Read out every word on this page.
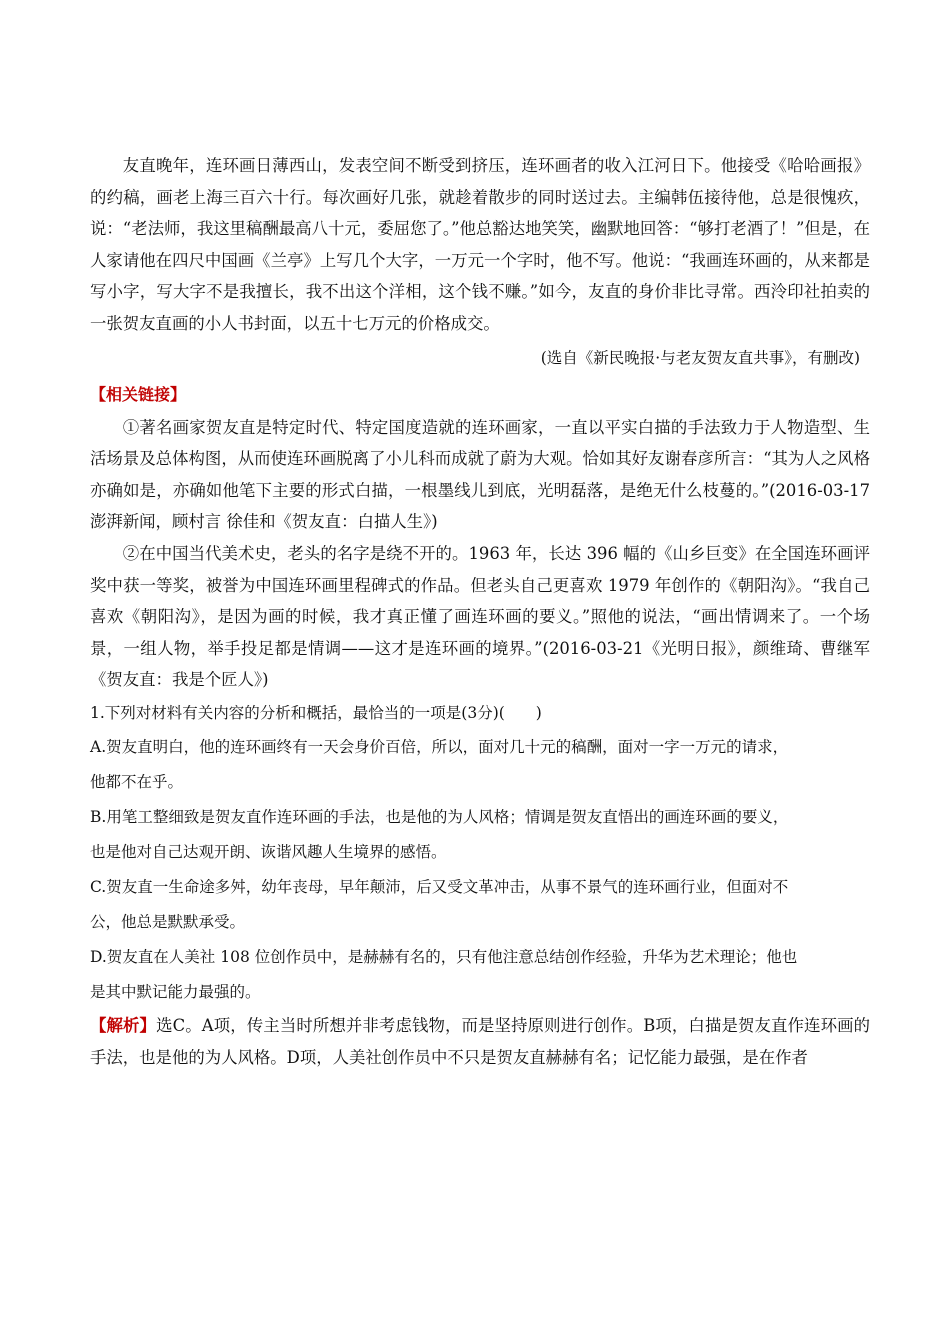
友直晚年，连环画日薄西山，发表空间不断受到挤压，连环画者的收入江河日下。他接受《哈哈画报》的约稿，画老上海三百六十行。每次画好几张，就趁着散步的同时送过去。主编韩伍接待他，总是很愧疚，说：“老法师，我这里稿酬最高八十元，委屈您了。”他总豁达地笑笑，幽默地回答：“够打老酒了！”但是，在人家请他在四尺中国画《兰亭》上写几个大字，一万元一个字时，他不写。他说：“我画连环画的，从来都是写小字，写大字不是我擅长，我不出这个洋相，这个钱不赚。”如今，友直的身价非比寻常。西泠印社拍卖的一张贺友直画的小人书封面，以五十七万元的价格成交。

(选自《新民晚报·与老友贺友直共事》，有删改)

【相关链接】

①著名画家贺友直是特定时代、特定国度造就的连环画家，一直以平实白描的手法致力于人物造型、生活场景及总体构图，从而使连环画脱离了小儿科而成就了蔚为大观。恰如其好友谢春彦所言：“其为人之风格亦确如是，亦确如他笔下主要的形式白描，一根墨线儿到底，光明磊落，是绝无什么枝蔓的。”(2016-03-17澎湃新闻，顾村言 徐佳和《贺友直：白描人生》)

②在中国当代美术史，老头的名字是绕不开的。1963 年，长达 396 幅的《山乡巨变》在全国连环画评奖中获一等奖，被誉为中国连环画里程碑式的作品。但老头自己更喜欢 1979 年创作的《朝阳沟》。“我自己喜欢《朝阳沟》，是因为画的时候，我才真正懂了画连环画的要义。”照他的说法，“画出情调来了。一个场景，一组人物，举手投足都是情调——这才是连环画的境界。”(2016-03-21《光明日报》，颜维琦、曹继军《贺友直：我是个匠人》)

1.下列对材料有关内容的分析和概括，最恰当的一项是(3分)(　　)

A.贺友直明白，他的连环画终有一天会身价百倍，所以，面对几十元的稿酬，面对一字一万元的请求，

他都不在乎。

B.用笔工整细致是贺友直作连环画的手法，也是他的为人风格；情调是贺友直悟出的画连环画的要义，

也是他对自己达观开朗、诙谐风趣人生境界的感悟。

C.贺友直一生命途多舛，幼年丧母，早年颠沛，后又受文革冲击，从事不景气的连环画行业，但面对不

公，他总是默默承受。

D.贺友直在人美社 108 位创作员中，是赫赫有名的，只有他注意总结创作经验，升华为艺术理论；他也

是其中默记能力最强的。

【解析】选C。A项，传主当时所想并非考虑钱物，而是坚持原则进行创作。B项，白描是贺友直作连环画的手法，也是他的为人风格。D项，人美社创作员中不只是贺友直赫赫有名；记忆能力最强，是在作者
